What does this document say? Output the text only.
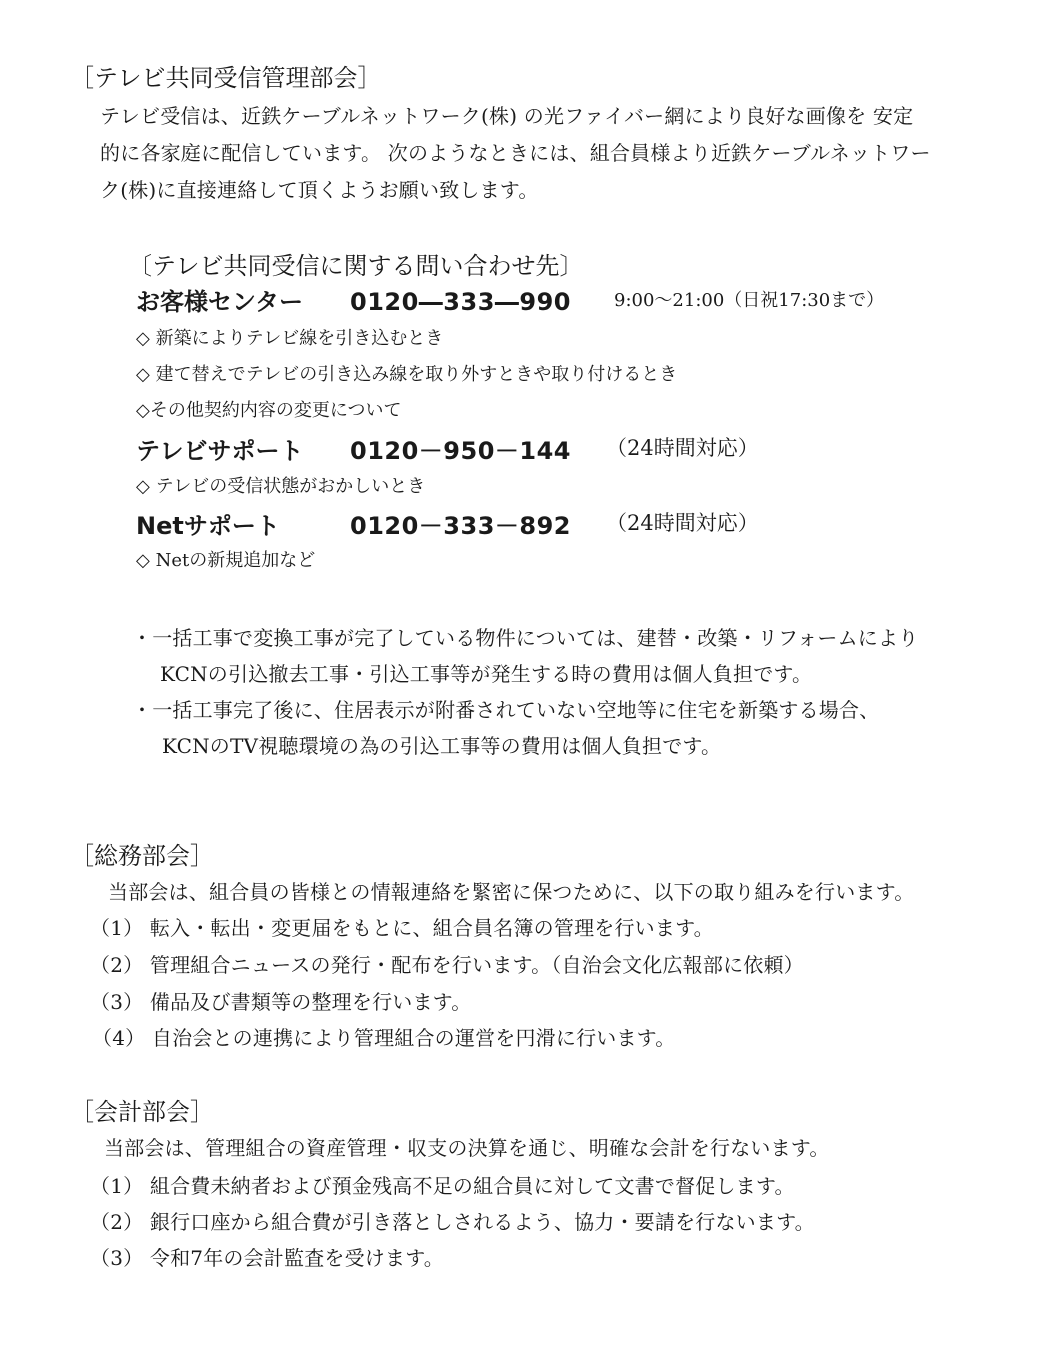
［テレビ共同受信管理部会］
テレビ受信は、近鉄ケーブルネットワーク(株) の光ファイバー網により良好な画像を 安定
的に各家庭に配信しています。 次のようなときには、組合員様より近鉄ケーブルネットワー
ク(株)に直接連絡して頂くようお願い致します。
〔テレビ共同受信に関する問い合わせ先〕
お客様センター 0120―333―990 9:00～21:00（日祝17:30まで）
◇ 新築によりテレビ線を引き込むとき
◇ 建て替えでテレビの引き込み線を取り外すときや取り付けるとき
◇その他契約内容の変更について
テレビサポート 0120－950－144 （24時間対応）
◇ テレビの受信状態がおかしいとき
Netサポート	0120－333－892 （24時間対応）
◇ Netの新規追加など
・一括工事で変換工事が完了している物件については、建替・改築・リフォームにより
KCNの引込撤去工事・引込工事等が発生する時の費用は個人負担です。
・一括工事完了後に、住居表示が附番されていない空地等に住宅を新築する場合、
KCNのTV視聴環境の為の引込工事等の費用は個人負担です。
［総務部会］
当部会は、組合員の皆様との情報連絡を緊密に保つために、以下の取り組みを行います。
（1） 転入・転出・変更届をもとに、組合員名簿の管理を行います。
（2） 管理組合ニュースの発行・配布を行います。（自治会文化広報部に依頼）
（3） 備品及び書類等の整理を行います。
（4） 自治会との連携により管理組合の運営を円滑に行います。
［会計部会］
当部会は、管理組合の資産管理・収支の決算を通じ、明確な会計を行ないます。
（1） 組合費未納者および預金残高不足の組合員に対して文書で督促します。
（2） 銀行口座から組合費が引き落としされるよう、協力・要請を行ないます。
（3） 令和7年の会計監査を受けます。
